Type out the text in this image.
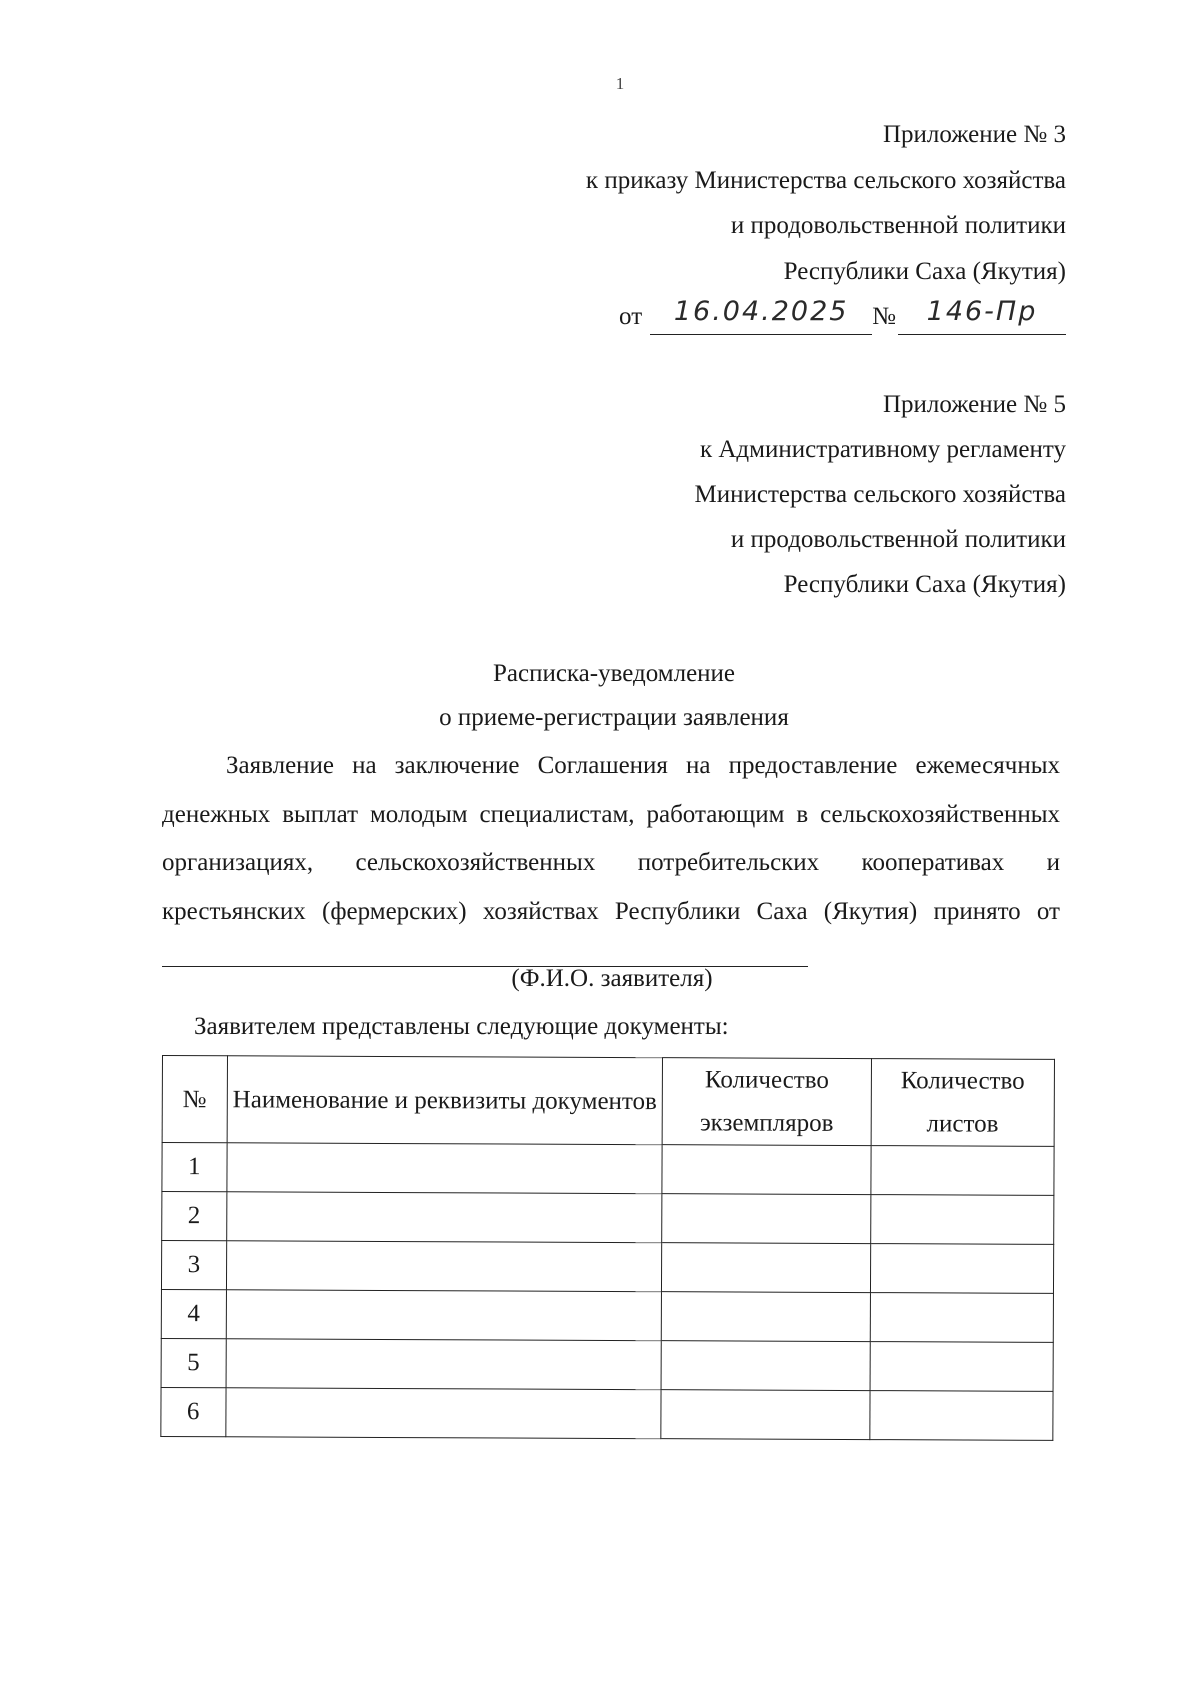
1
Приложение № 3
к приказу Министерства сельского хозяйства
и продовольственной политики
Республики Саха (Якутия)
от	16.04.2025 №	146-Пр
Приложение № 5
к Административному регламенту
Министерства сельского хозяйства
и продовольственной политики
Республики Саха (Якутия)
Расписка-уведомление
о приеме-регистрации заявления
Заявление на заключение Соглашения на предоставление ежемесячных денежных выплат молодым специалистам, работающим в сельскохозяйственных организациях, сельскохозяйственных потребительских кооперативах и крестьянских (фермерских) хозяйствах Республики Саха (Якутия) принято от
(Ф.И.О. заявителя)
Заявителем представлены следующие документы:
№	Наименование и реквизиты документов	Количество экземпляров	Количество листов
1			
2			
3			
4			
5			
6			
